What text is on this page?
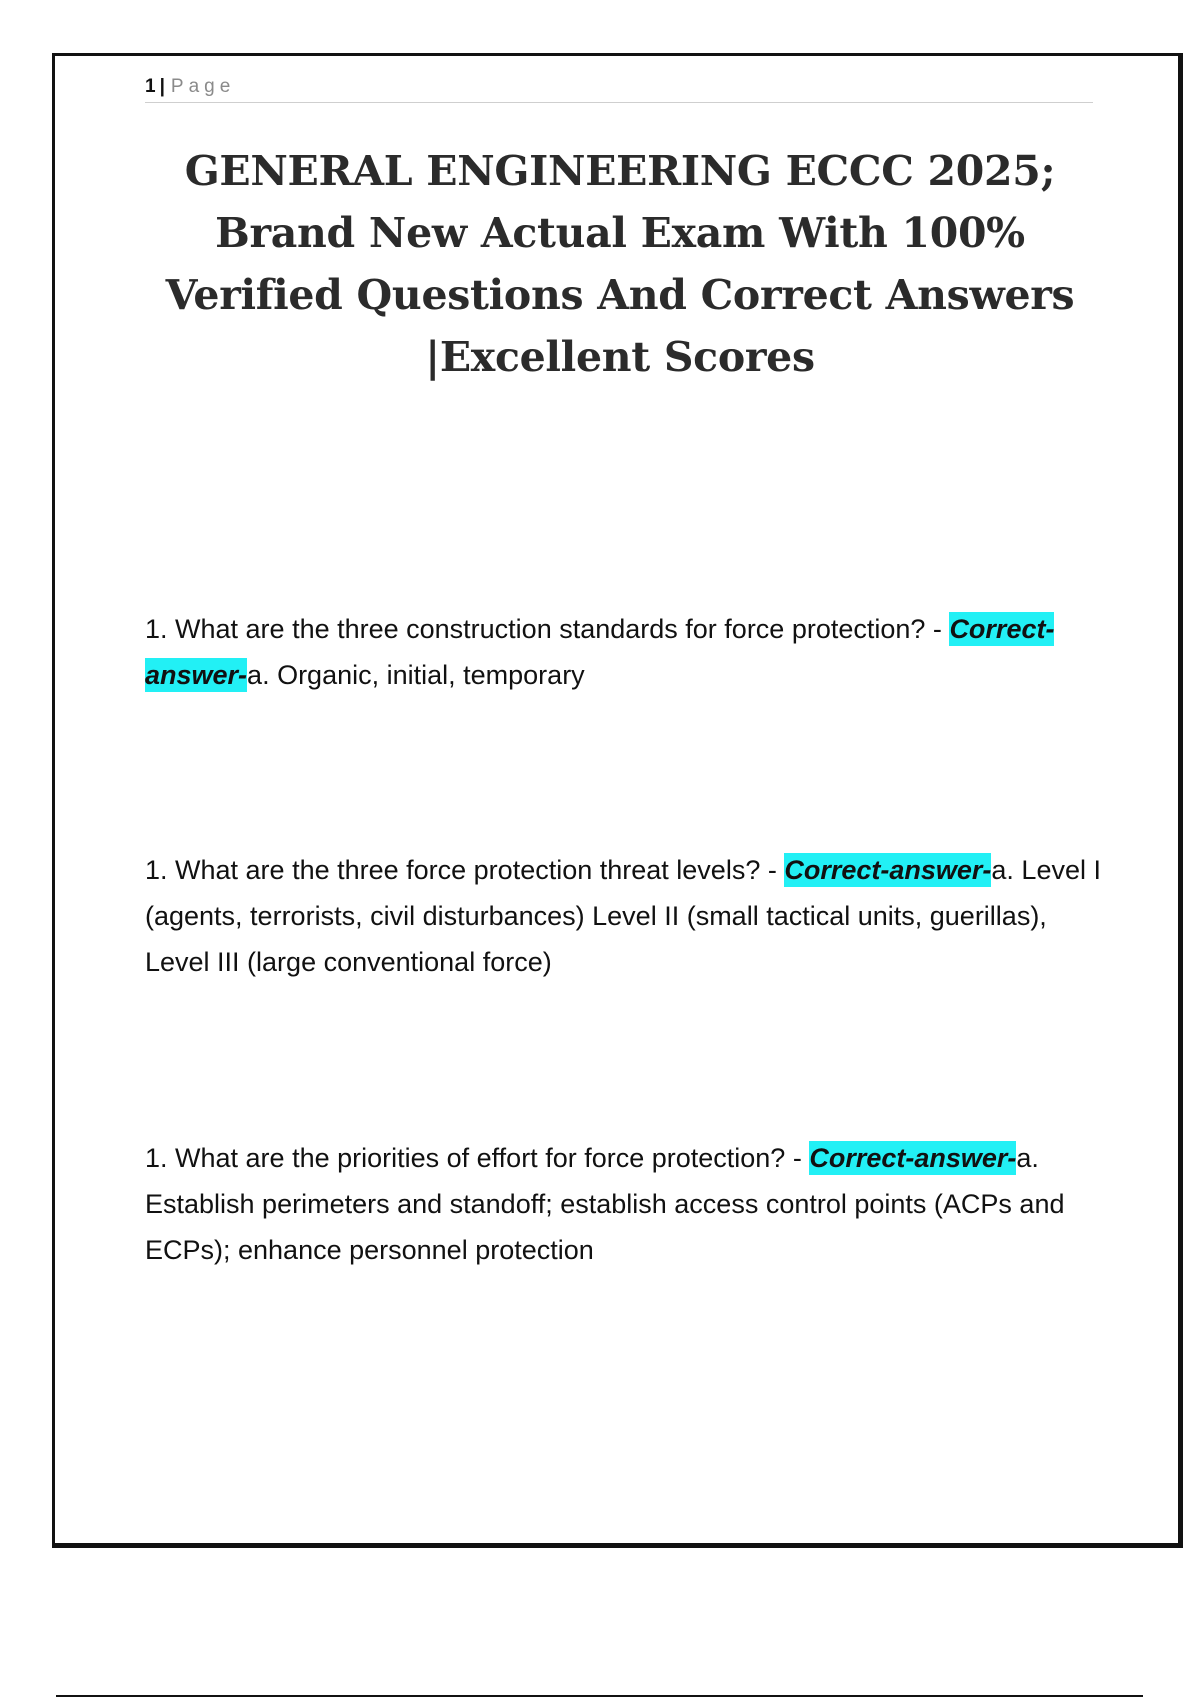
1 | Page
GENERAL ENGINEERING ECCC 2025; Brand New Actual Exam With 100% Verified Questions And Correct Answers |Excellent Scores

1. What are the three construction standards for force protection? - Correct-answer-a. Organic, initial, temporary

1. What are the three force protection threat levels? - Correct-answer-a. Level I (agents, terrorists, civil disturbances) Level II (small tactical units, guerillas), Level III (large conventional force)

1. What are the priorities of effort for force protection? - Correct-answer-a. Establish perimeters and standoff; establish access control points (ACPs and ECPs); enhance personnel protection
